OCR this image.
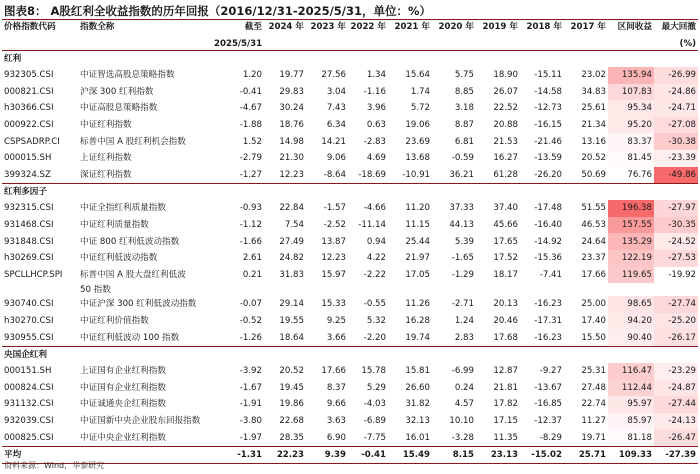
图表8： A股红利全收益指数的历年回报（2016/12/31-2025/5/31，单位：%）
价格指数代码	指数全称	截至	2024 年	2023 年	2022 年	2021 年	2020 年	2019 年	2018 年	2017 年	区间收益	最大回撤
		2025/5/31										(%)
红利												
932305.CSI	中证智选高股息策略指数	1.20	19.77	27.56	1.34	15.64	5.75	18.90	-15.11	23.02	135.94	-26.99
000821.CSI	沪深 300 红利指数	-0.41	29.83	3.04	-1.16	1.74	8.85	26.07	-14.58	34.83	107.83	-24.86
h30366.CSI	中证高股息策略指数	-4.67	30.24	7.43	3.96	5.72	3.18	22.52	-12.73	25.61	95.34	-24.71
000922.CSI	中证红利指数	-1.88	18.76	6.34	0.63	19.06	8.87	20.88	-16.15	21.34	95.20	-27.08
CSPSADRP.CI	标普中国 A 股红利机会指数	1.52	14.98	14.21	-2.83	23.69	6.81	21.53	-21.46	13.16	83.37	-30.38
000015.SH	上证红利指数	-2.79	21.30	9.06	4.69	13.68	-0.59	16.27	-13.59	20.52	81.45	-23.39
399324.SZ	深证红利指数	-1.27	12.23	-8.64	-18.69	-10.91	36.21	61.28	-26.20	50.69	76.76	-49.86
红利多因子												
932315.CSI	中证全指红利质量指数	-0.93	22.84	-1.57	-4.66	11.20	37.33	37.40	-17.48	51.55	196.38	-27.97
931468.CSI	中证红利质量指数	-1.12	7.54	-2.52	-11.14	11.15	44.13	45.66	-16.40	46.53	157.55	-30.35
931848.CSI	中证 800 红利低波动指数	-1.66	27.49	13.87	0.94	25.44	5.39	17.65	-14.92	24.64	135.29	-24.52
h30269.CSI	中证红利低波动指数	2.61	24.82	12.23	4.22	21.97	-1.65	17.52	-15.36	23.37	122.19	-27.53
SPCLLHCP.SPI	标普中国 A 股大盘红利低波	0.21	31.83	15.97	-2.22	17.05	-1.29	18.17	-7.41	17.66	119.65	-19.92
	50 指数											
930740.CSI	中证沪深 300 红利低波动指数	-0.07	29.14	15.33	-0.55	11.26	-2.71	20.13	-16.23	25.00	98.65	-27.74
h30270.CSI	中证红利价值指数	-0.52	19.55	9.25	5.32	16.28	1.24	20.46	-17.31	17.40	94.20	-25.20
930955.CSI	中证红利低波动 100 指数	-1.26	18.64	3.66	-2.20	19.74	2.83	17.68	-16.23	15.50	90.40	-26.17
央国企红利												
000151.SH	上证国有企业红利指数	-3.92	20.52	17.66	15.78	15.81	-6.99	12.87	-9.27	25.31	116.47	-23.29
000824.CSI	中证国有企业红利指数	-1.67	19.45	8.37	5.29	26.60	0.24	21.81	-13.67	27.48	112.44	-24.87
931132.CSI	中证诚通央企红利指数	-1.91	19.86	9.66	-4.03	31.82	4.57	17.82	-16.85	22.74	95.97	-27.44
932039.CSI	中证国新中央企业股东回报指数	-3.80	22.68	3.63	-6.89	32.13	10.10	17.15	-12.37	11.27	85.97	-24.13
000825.CSI	中证中央企业红利指数	-1.97	28.35	6.90	-7.75	16.01	-3.28	11.35	-8.29	19.71	81.18	-26.47
平均		-1.31	22.23	9.39	-0.41	15.49	8.15	23.13	-15.02	25.71	109.33	-27.39
资料来源：Wind，华泰研究
